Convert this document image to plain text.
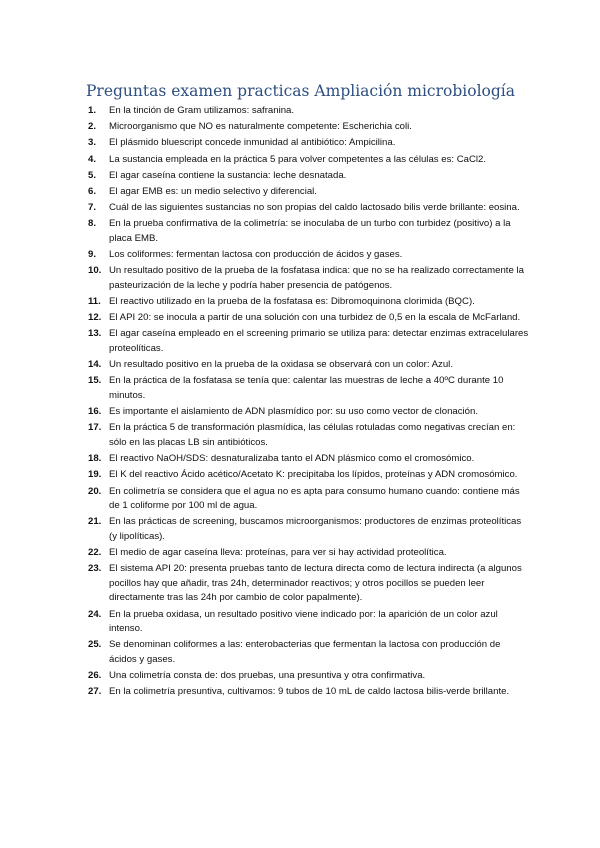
Preguntas examen practicas Ampliación microbiología
1. En la tinción de Gram utilizamos: safranina.
2. Microorganismo que NO es naturalmente competente: Escherichia coli.
3. El plásmido bluescript concede inmunidad al antibiótico: Ampicilina.
4. La sustancia empleada en la práctica 5 para volver competentes a las células es: CaCl2.
5. El agar caseína contiene la sustancia: leche desnatada.
6. El agar EMB es: un medio selectivo y diferencial.
7. Cuál de las siguientes sustancias no son propias del caldo lactosado bilis verde brillante: eosina.
8. En la prueba confirmativa de la colimetría: se inoculaba de un turbo con turbidez (positivo) a la placa EMB.
9. Los coliformes: fermentan lactosa con producción de ácidos y gases.
10. Un resultado positivo de la prueba de la fosfatasa indica: que no se ha realizado correctamente la pasteurización de la leche y podría haber presencia de patógenos.
11. El reactivo utilizado en la prueba de la fosfatasa es: Dibromoquinona clorimida (BQC).
12. El API 20: se inocula a partir de una solución con una turbidez de 0,5 en la escala de McFarland.
13. El agar caseína empleado en el screening primario se utiliza para: detectar enzimas extracelulares proteolíticas.
14. Un resultado positivo en la prueba de la oxidasa se observará con un color: Azul.
15. En la práctica de la fosfatasa se tenía que: calentar las muestras de leche a 40ºC durante 10 minutos.
16. Es importante el aislamiento de ADN plasmídico por: su uso como vector de clonación.
17. En la práctica 5 de transformación plasmídica, las células rotuladas como negativas crecían en: sólo en las placas LB sin antibióticos.
18. El reactivo NaOH/SDS: desnaturalizaba tanto el ADN plásmico como el cromosómico.
19. El K del reactivo Ácido acético/Acetato K: precipitaba los lípidos, proteínas y ADN cromosómico.
20. En colimetría se considera que el agua no es apta para consumo humano cuando: contiene más de 1 coliforme por 100 ml de agua.
21. En las prácticas de screening, buscamos microorganismos: productores de enzimas proteolíticas (y lipolíticas).
22. El medio de agar caseína lleva: proteínas, para ver si hay actividad proteolítica.
23. El sistema API 20: presenta pruebas tanto de lectura directa como de lectura indirecta (a algunos pocillos hay que añadir, tras 24h, determinador reactivos; y otros pocillos se pueden leer directamente tras las 24h por cambio de color papalmente).
24. En la prueba oxidasa, un resultado positivo viene indicado por: la aparición de un color azul intenso.
25. Se denominan coliformes a las: enterobacterias que fermentan la lactosa con producción de ácidos y gases.
26. Una colimetría consta de: dos pruebas, una presuntiva y otra confirmativa.
27. En la colimetría presuntiva, cultivamos: 9 tubos de 10 mL de caldo lactosa bilis-verde brillante.
